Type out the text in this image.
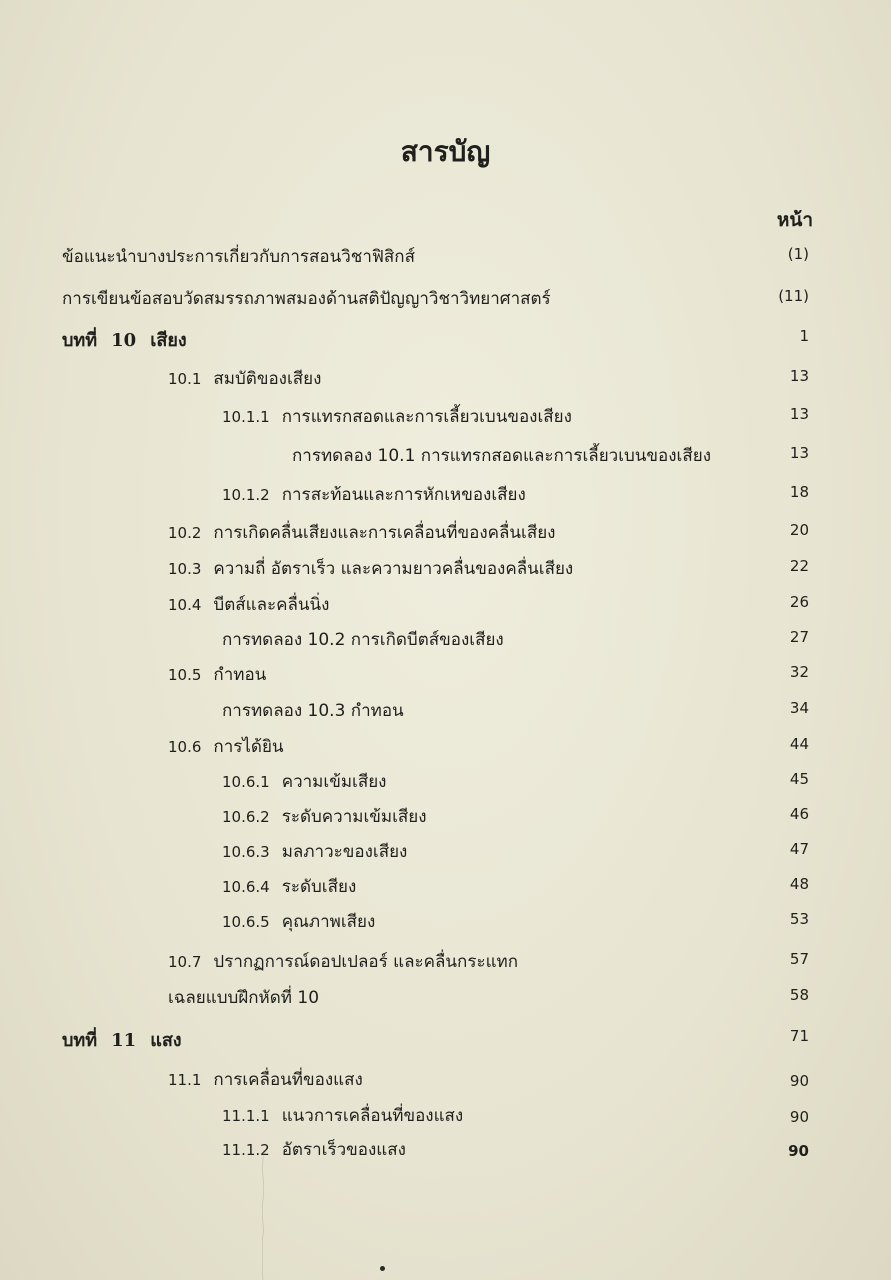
สารบัญ
หน้า
ข้อแนะนำบางประการเกี่ยวกับการสอนวิชาฟิสิกส์	(1)
การเขียนข้อสอบวัดสมรรถภาพสมองด้านสติปัญญาวิชาวิทยาศาสตร์	(11)
บทที่ 10 เสียง	1
10.1 สมบัติของเสียง	13
10.1.1 การแทรกสอดและการเลี้ยวเบนของเสียง	13
การทดลอง 10.1 การแทรกสอดและการเลี้ยวเบนของเสียง	13
10.1.2 การสะท้อนและการหักเหของเสียง	18
10.2 การเกิดคลื่นเสียงและการเคลื่อนที่ของคลื่นเสียง	20
10.3 ความถี่ อัตราเร็ว และความยาวคลื่นของคลื่นเสียง	22
10.4 บีตส์และคลื่นนิ่ง	26
การทดลอง 10.2 การเกิดบีตส์ของเสียง	27
10.5 กำทอน	32
การทดลอง 10.3 กำทอน	34
10.6 การได้ยิน	44
10.6.1 ความเข้มเสียง	45
10.6.2 ระดับความเข้มเสียง	46
10.6.3 มลภาวะของเสียง	47
10.6.4 ระดับเสียง	48
10.6.5 คุณภาพเสียง	53
10.7 ปรากฏการณ์ดอปเปลอร์ และคลื่นกระแทก	57
เฉลยแบบฝึกหัดที่ 10	58
บทที่ 11 แสง	71
11.1 การเคลื่อนที่ของแสง	90
11.1.1 แนวการเคลื่อนที่ของแสง	90
11.1.2 อัตราเร็วของแสง	90
